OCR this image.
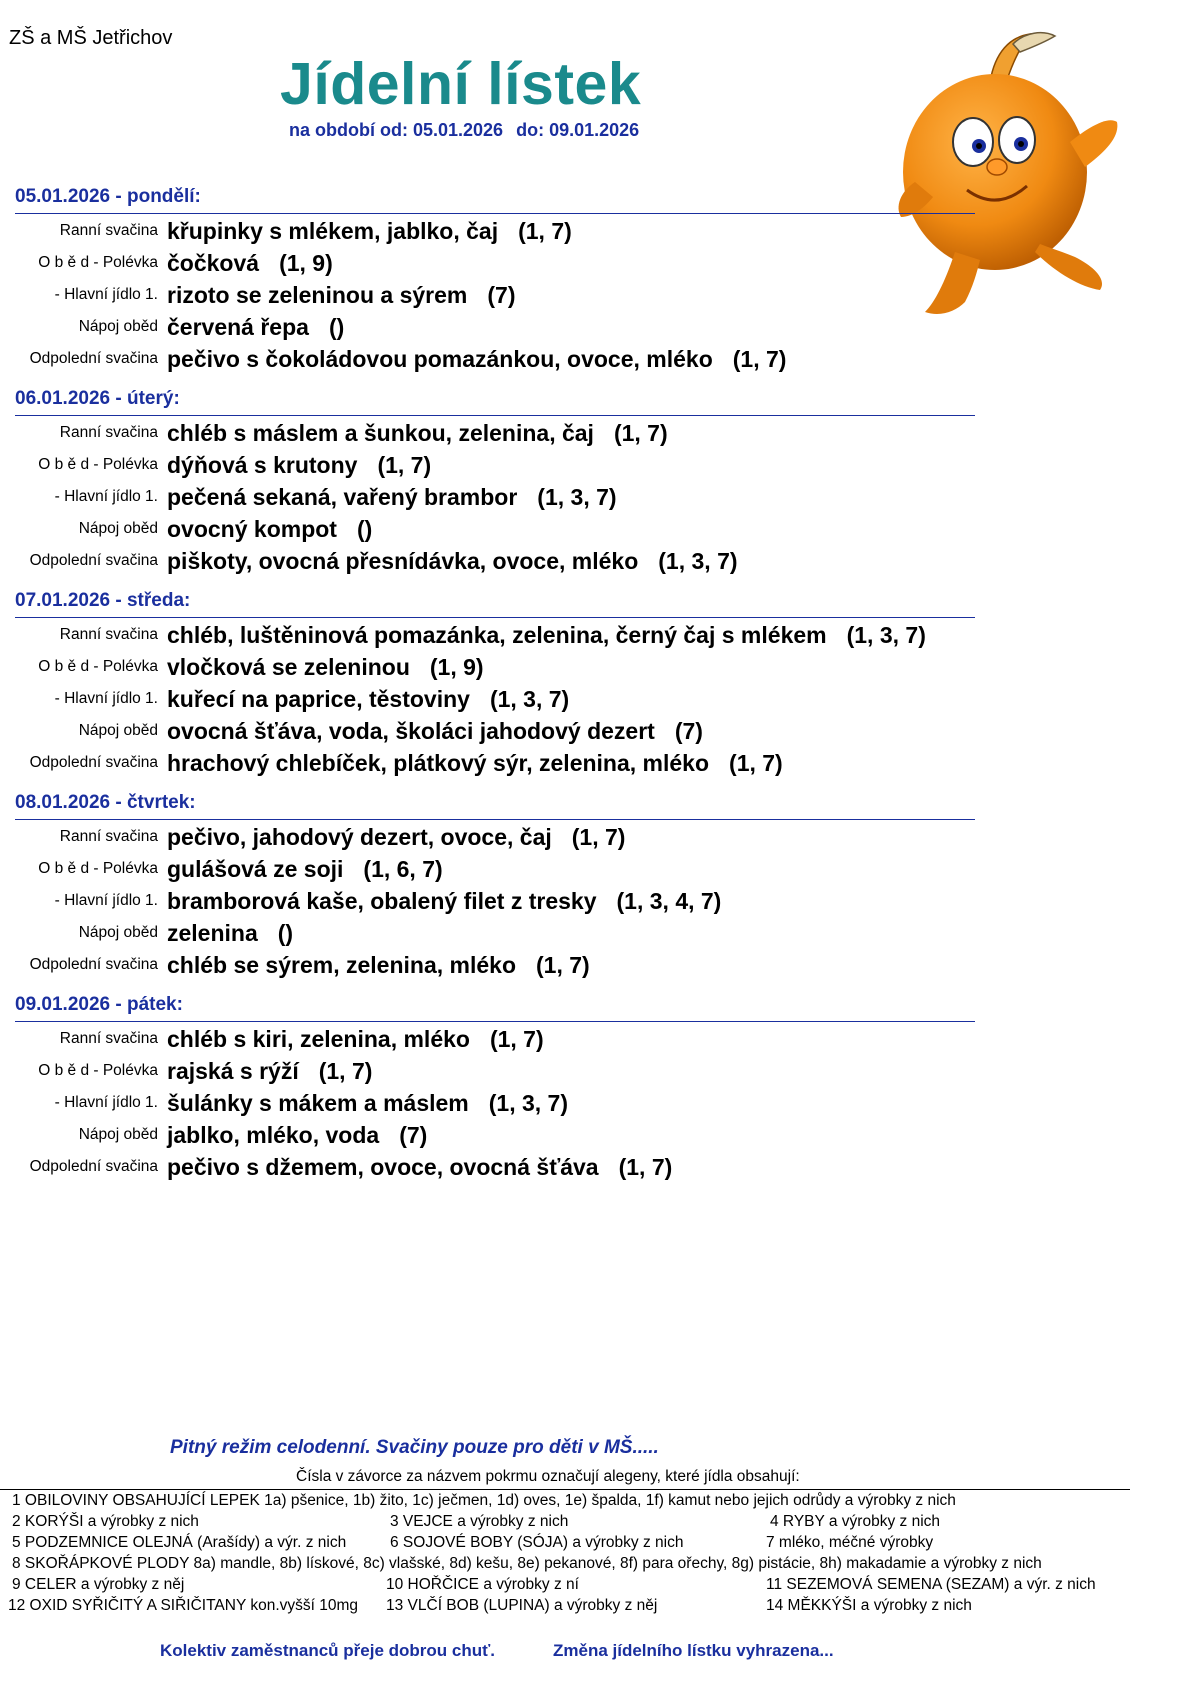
ZŠ a MŠ Jetřichov
Jídelní lístek
na období od: 05.01.2026 do: 09.01.2026
05.01.2026 - pondělí:
Ranní svačina křupinky s mlékem, jablko, čaj (1, 7)
O b ě d - Polévka čočková (1, 9)
- Hlavní jídlo 1. rizoto se zeleninou a sýrem (7)
Nápoj oběd červená řepa ()
Odpolední svačina pečivo s čokoládovou pomazánkou, ovoce, mléko (1, 7)
06.01.2026 - úterý:
Ranní svačina chléb s máslem a šunkou, zelenina, čaj (1, 7)
O b ě d - Polévka dýňová s krutony (1, 7)
- Hlavní jídlo 1. pečená sekaná, vařený brambor (1, 3, 7)
Nápoj oběd ovocný kompot ()
Odpolední svačina piškoty, ovocná přesnídávka, ovoce, mléko (1, 3, 7)
07.01.2026 - středa:
Ranní svačina chléb, luštěninová pomazánka, zelenina, černý čaj s mlékem (1, 3, 7)
O b ě d - Polévka vločková se zeleninou (1, 9)
- Hlavní jídlo 1. kuřecí na paprice, těstoviny (1, 3, 7)
Nápoj oběd ovocná šťáva, voda, školáci jahodový dezert (7)
Odpolední svačina hrachový chlebíček, plátkový sýr, zelenina, mléko (1, 7)
08.01.2026 - čtvrtek:
Ranní svačina pečivo, jahodový dezert, ovoce, čaj (1, 7)
O b ě d - Polévka gulášová ze soji (1, 6, 7)
- Hlavní jídlo 1. bramborová kaše, obalený filet z tresky (1, 3, 4, 7)
Nápoj oběd zelenina ()
Odpolední svačina chléb se sýrem, zelenina, mléko (1, 7)
09.01.2026 - pátek:
Ranní svačina chléb s kiri, zelenina, mléko (1, 7)
O b ě d - Polévka rajská s rýží (1, 7)
- Hlavní jídlo 1. šulánky s mákem a máslem (1, 3, 7)
Nápoj oběd jablko, mléko, voda (7)
Odpolední svačina pečivo s džemem, ovoce, ovocná šťáva (1, 7)
Pitný režim celodenní. Svačiny pouze pro děti v MŠ.....
Čísla v závorce za názvem pokrmu označují alegeny, které jídla obsahují:
1 OBILOVINY OBSAHUJÍCÍ LEPEK 1a) pšenice, 1b) žito, 1c) ječmen, 1d) oves, 1e) špalda, 1f) kamut nebo jejich odrůdy a výrobky z nich
2 KORÝŠI a výrobky z nich	3 VEJCE a výrobky z nich	4 RYBY a výrobky z nich
5 PODZEMNICE OLEJNÁ (Arašídy) a výr. z nich	6 SOJOVÉ BOBY (SÓJA) a výrobky z nich	7 mléko, méčné výrobky
8 SKOŘÁPKOVÉ PLODY 8a) mandle, 8b) lískové, 8c) vlašské, 8d) kešu, 8e) pekanové, 8f) para ořechy, 8g) pistácie, 8h) makadamie a výrobky z nich
9 CELER a výrobky z něj	10 HOŘČICE a výrobky z ní	11 SEZEMOVÁ SEMENA (SEZAM) a výr. z nich
12 OXID SYŘIČITÝ A SIŘIČITANY kon.vyšší 10mg 13 VLČÍ BOB (LUPINA) a výrobky z něj	14 MĚKKÝŠI a výrobky z nich
Kolektiv zaměstnanců přeje dobrou chuť.	Změna jídelního lístku vyhrazena...
